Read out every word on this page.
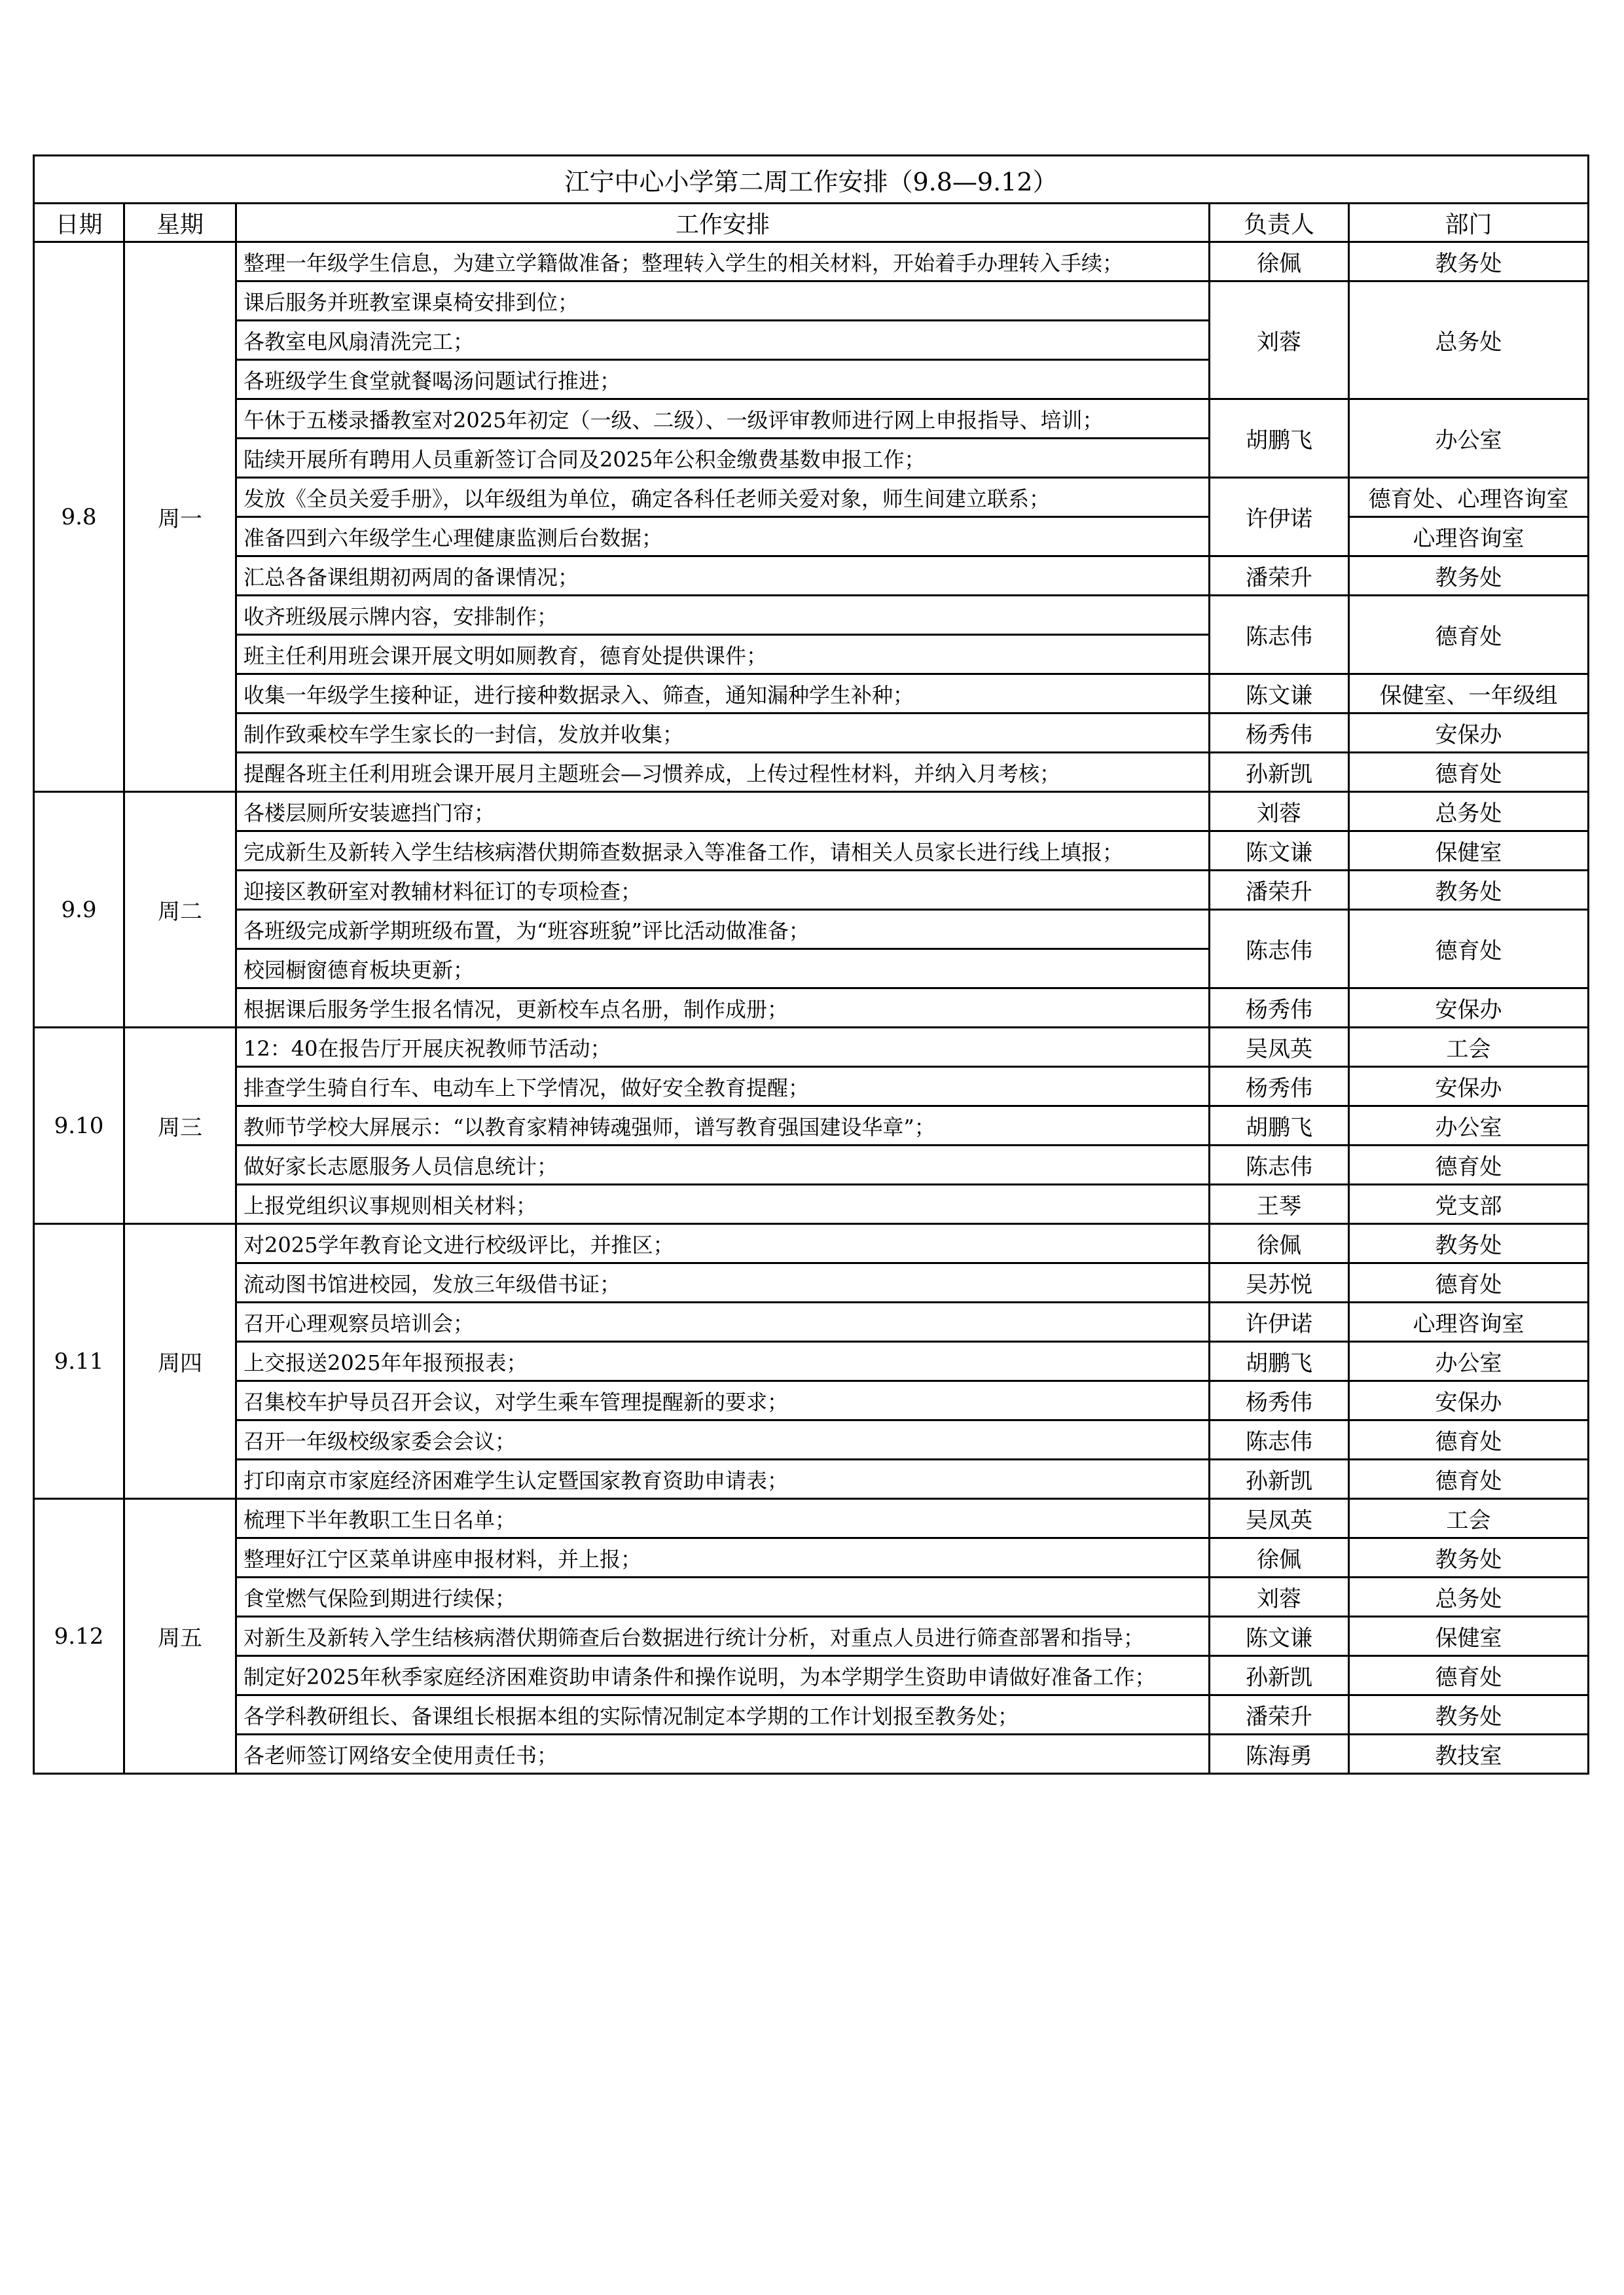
江宁中心小学第二周工作安排（9.8—9.12）				
日期	星期	工作安排	负责人	部门
9.8	周一	整理一年级学生信息，为建立学籍做准备；整理转入学生的相关材料，开始着手办理转入手续；	徐佩	教务处
		课后服务并班教室课桌椅安排到位；	刘蓉	总务处
		各教室电风扇清洗完工；		
		各班级学生食堂就餐喝汤问题试行推进；		
		午休于五楼录播教室对2025年初定（一级、二级）、一级评审教师进行网上申报指导、培训；	胡鹏飞	办公室
		陆续开展所有聘用人员重新签订合同及2025年公积金缴费基数申报工作；		
		发放《全员关爱手册》，以年级组为单位，确定各科任老师关爱对象，师生间建立联系；	许伊诺	德育处、心理咨询室
		准备四到六年级学生心理健康监测后台数据；		心理咨询室
		汇总各备课组期初两周的备课情况；	潘荣升	教务处
		收齐班级展示牌内容，安排制作；	陈志伟	德育处
		班主任利用班会课开展文明如厕教育，德育处提供课件；		
		收集一年级学生接种证，进行接种数据录入、筛查，通知漏种学生补种；	陈文谦	保健室、一年级组
		制作致乘校车学生家长的一封信，发放并收集；	杨秀伟	安保办
		提醒各班主任利用班会课开展月主题班会—习惯养成，上传过程性材料，并纳入月考核；	孙新凯	德育处
9.9	周二	各楼层厕所安装遮挡门帘；	刘蓉	总务处
		完成新生及新转入学生结核病潜伏期筛查数据录入等准备工作，请相关人员家长进行线上填报；	陈文谦	保健室
		迎接区教研室对教辅材料征订的专项检查；	潘荣升	教务处
		各班级完成新学期班级布置，为“班容班貌”评比活动做准备；	陈志伟	德育处
		校园橱窗德育板块更新；		
		根据课后服务学生报名情况，更新校车点名册，制作成册；	杨秀伟	安保办
9.10	周三	12：40在报告厅开展庆祝教师节活动；	吴凤英	工会
		排查学生骑自行车、电动车上下学情况，做好安全教育提醒；	杨秀伟	安保办
		教师节学校大屏展示：“以教育家精神铸魂强师，谱写教育强国建设华章”；	胡鹏飞	办公室
		做好家长志愿服务人员信息统计；	陈志伟	德育处
		上报党组织议事规则相关材料；	王琴	党支部
9.11	周四	对2025学年教育论文进行校级评比，并推区；	徐佩	教务处
		流动图书馆进校园，发放三年级借书证；	吴苏悦	德育处
		召开心理观察员培训会；	许伊诺	心理咨询室
		上交报送2025年年报预报表；	胡鹏飞	办公室
		召集校车护导员召开会议，对学生乘车管理提醒新的要求；	杨秀伟	安保办
		召开一年级校级家委会会议；	陈志伟	德育处
		打印南京市家庭经济困难学生认定暨国家教育资助申请表；	孙新凯	德育处
9.12	周五	梳理下半年教职工生日名单；	吴凤英	工会
		整理好江宁区菜单讲座申报材料，并上报；	徐佩	教务处
		食堂燃气保险到期进行续保；	刘蓉	总务处
		对新生及新转入学生结核病潜伏期筛查后台数据进行统计分析，对重点人员进行筛查部署和指导；	陈文谦	保健室
		制定好2025年秋季家庭经济困难资助申请条件和操作说明，为本学期学生资助申请做好准备工作；	孙新凯	德育处
		各学科教研组长、备课组长根据本组的实际情况制定本学期的工作计划报至教务处；	潘荣升	教务处
		各老师签订网络安全使用责任书；	陈海勇	教技室
